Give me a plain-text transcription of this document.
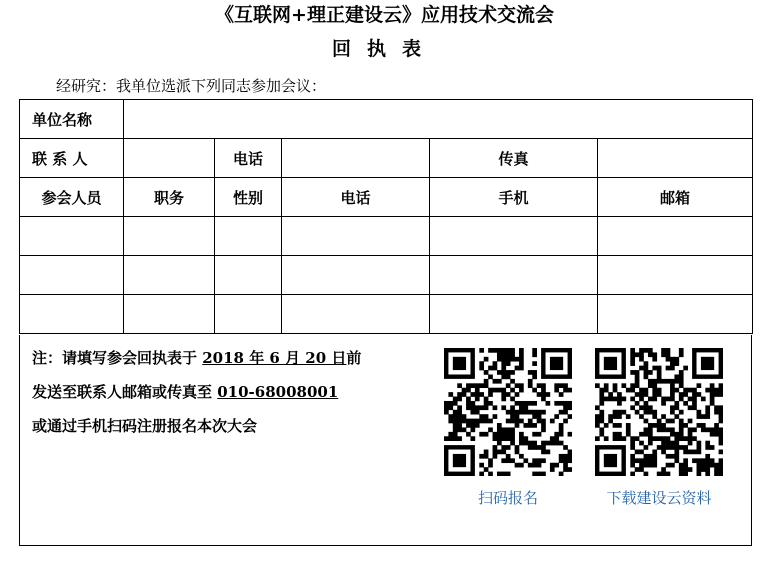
《互联网+理正建设云》应用技术交流会
回执表
经研究：我单位选派下列同志参加会议：
单位名称					
联 系 人		电话		传真	
参会人员	职务	性别	电话	手机	邮箱

注：请填写参会回执表于 2018 年 6 月 20 日前
发送至联系人邮箱或传真至 010-68008001
或通过手机扫码注册报名本次大会
扫码报名	下载建设云资料
